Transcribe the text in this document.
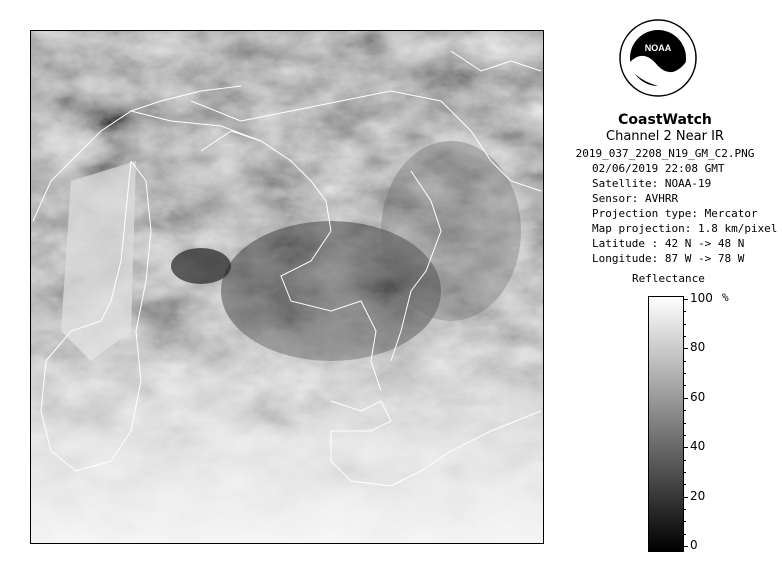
NOAA
CoastWatch
Channel 2 Near IR
2019_037_2208_N19_GM_C2.PNG
02/06/2019 22:08 GMT
Satellite: NOAA-19
Sensor: AVHRR
Projection type: Mercator
Map projection: 1.8 km/pixel
Latitude : 42 N -> 48 N
Longitude: 87 W -> 78 W
Reflectance
%
100
80
60
40
20
0
